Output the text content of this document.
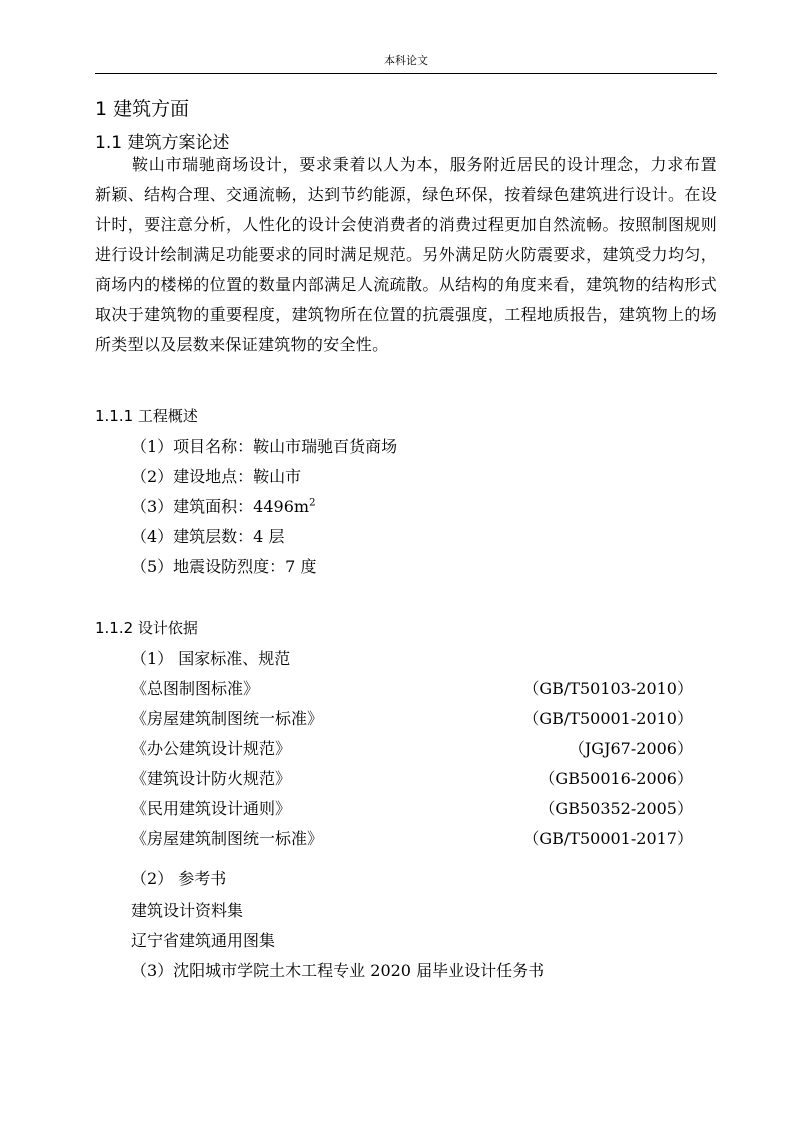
本科论文
1 建筑方面
1.1 建筑方案论述
鞍山市瑞驰商场设计，要求秉着以人为本，服务附近居民的设计理念，力求布置新颖、结构合理、交通流畅，达到节约能源，绿色环保，按着绿色建筑进行设计。在设计时，要注意分析，人性化的设计会使消费者的消费过程更加自然流畅。按照制图规则进行设计绘制满足功能要求的同时满足规范。另外满足防火防震要求，建筑受力均匀，商场内的楼梯的位置的数量内部满足人流疏散。从结构的角度来看，建筑物的结构形式取决于建筑物的重要程度，建筑物所在位置的抗震强度，工程地质报告，建筑物上的场所类型以及层数来保证建筑物的安全性。
1.1.1 工程概述
（1）项目名称：鞍山市瑞驰百货商场
（2）建设地点：鞍山市
（3）建筑面积：$4496m^2$
（4）建筑层数：4 层
（5）地震设防烈度：7 度
1.1.2 设计依据
（1） 国家标准、规范
《总图制图标准》	（GB/T50103-2010）
《房屋建筑制图统一标准》	（GB/T50001-2010）
《办公建筑设计规范》	（JGJ67-2006）
《建筑设计防火规范》	（GB50016-2006）
《民用建筑设计通则》	（GB50352-2005）
《房屋建筑制图统一标准》	（GB/T50001-2017）
（2） 参考书
建筑设计资料集
辽宁省建筑通用图集
（3）沈阳城市学院土木工程专业 2020 届毕业设计任务书
